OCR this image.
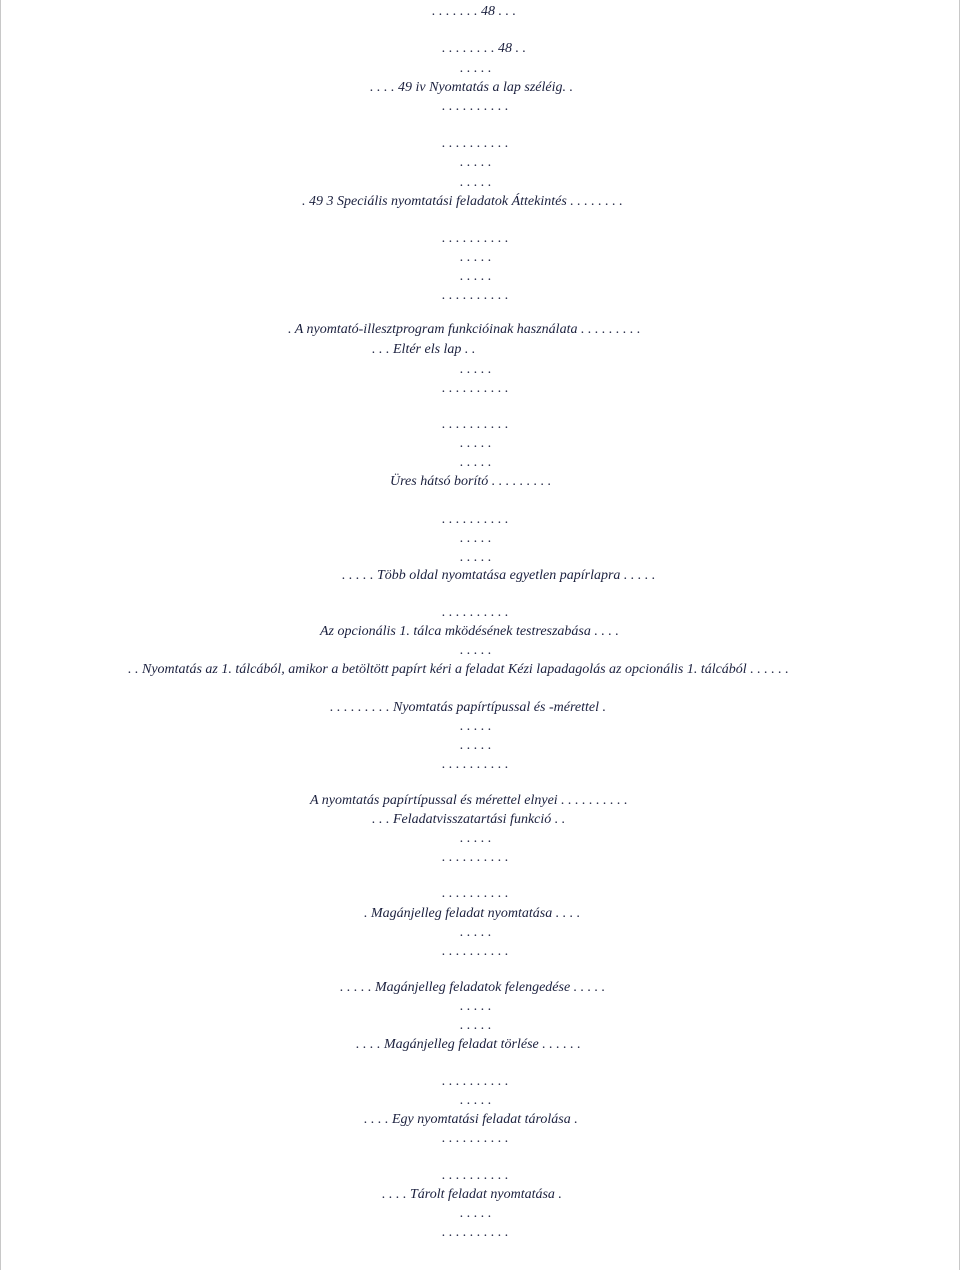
. . . . . . . 48 . . .
. . . . . . . . 48 . .
. . . . .
. . . . 49 iv Nyomtatás a lap széléig. .
. . . . . . . . . .
. . . . . . . . . .
. . . . .
. . . . .
. 49 3 Speciális nyomtatási feladatok Áttekintés . . . . . . . .
. . . . . . . . . .
. . . . .
. . . . .
. . . . . . . . . .
. A nyomtató-illesztprogram funkcióinak használata . . . . . . . . .
. . . Eltér els lap . .
. . . . .
. . . . . . . . . .
. . . . . . . . . .
. . . . .
. . . . .
Üres hátsó borító . . . . . . . . .
. . . . . . . . . .
. . . . .
. . . . .
. . . . . Több oldal nyomtatása egyetlen papírlapra . . . . .
. . . . . . . . . .
Az opcionális 1. tálca mködésének testreszabása . . . .
. . . . .
. . Nyomtatás az 1. tálcából, amikor a betöltött papírt kéri a feladat Kézi lapadagolás az opcionális 1. tálcából . . . . . .
. . . . . . . . . Nyomtatás papírtípussal és -mérettel .
. . . . .
. . . . .
. . . . . . . . . .
A nyomtatás papírtípussal és mérettel elnyei . . . . . . . . . .
. . . Feladatvisszatartási funkció . .
. . . . .
. . . . . . . . . .
. . . . . . . . . .
. Magánjelleg feladat nyomtatása . . . .
. . . . .
. . . . . . . . . .
. . . . . Magánjelleg feladatok felengedése . . . . .
. . . . .
. . . . .
. . . . Magánjelleg feladat törlése . . . . . .
. . . . . . . . . .
. . . . .
. . . . Egy nyomtatási feladat tárolása .
. . . . . . . . . .
. . . . . . . . . .
. . . . Tárolt feladat nyomtatása .
. . . . .
. . . . . . . . . .
